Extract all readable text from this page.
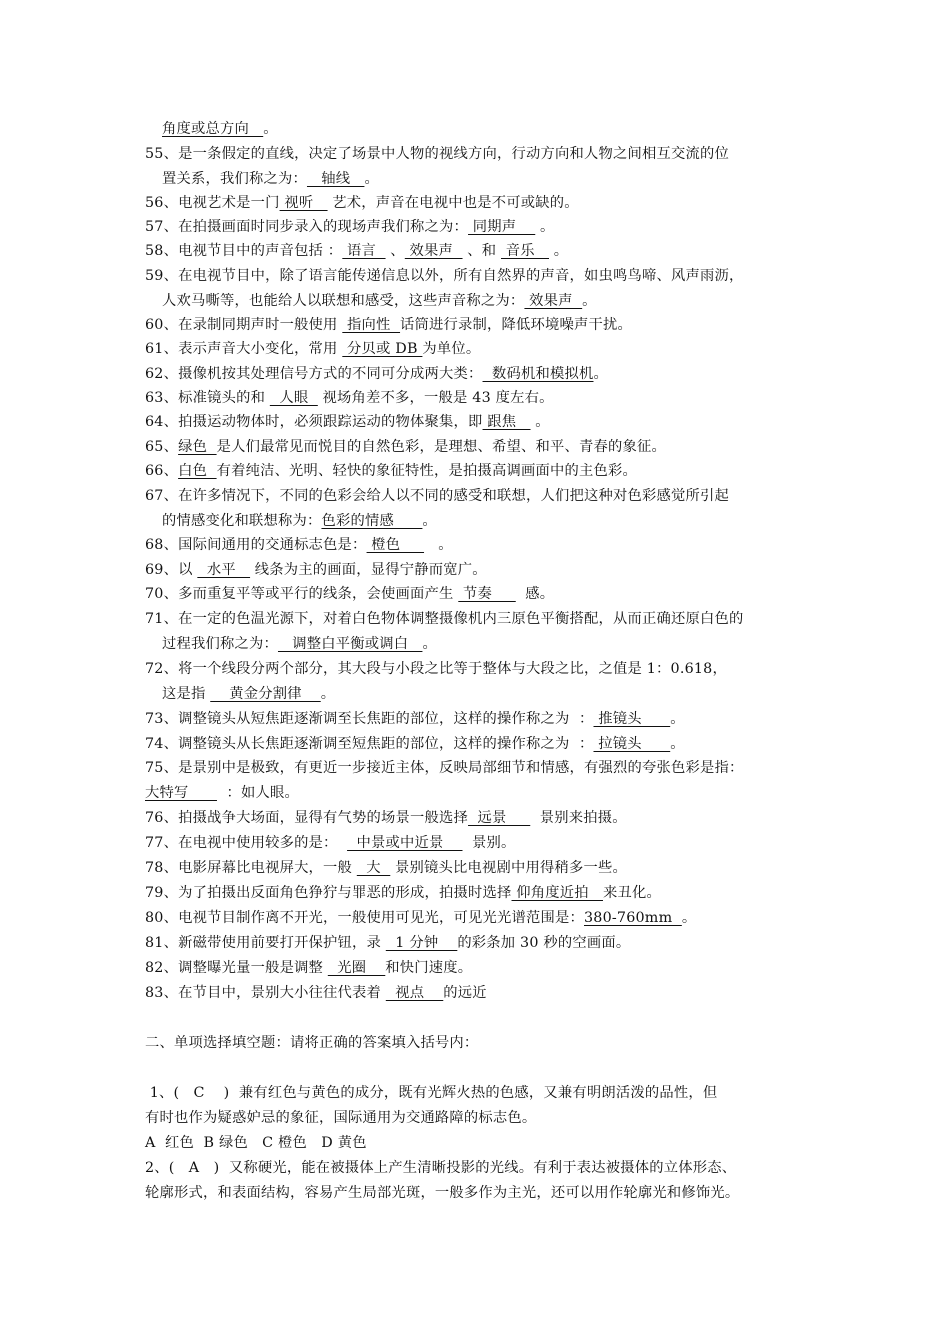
角度或总方向   。
55、是一条假定的直线，决定了场景中人物的视线方向，行动方向和人物之间相互交流的位
置关系，我们称之为：   轴线   。
56、电视艺术是一门 视听    艺术，声音在电视中也是不可或缺的。
57、在拍摄画面时同步录入的现场声我们称之为： 同期声     。
58、电视节目中的声音包括 ： 语言   、 效果声   、和  音乐    。
59、在电视节目中，除了语言能传递信息以外，所有自然界的声音，如虫鸣鸟啼、风声雨沥，
人欢马嘶等，也能给人以联想和感受，这些声音称之为： 效果声  。
60、在录制同期声时一般使用  指向性  话筒进行录制，降低环境噪声干扰。
61、表示声音大小变化，常用  分贝或 DB 为单位。
62、摄像机按其处理信号方式的不同可分成两大类：  数码机和模拟机。
63、标准镜头的和   人眼   视场角差不多，一般是 43 度左右。
64、拍摄运动物体时，必须跟踪运动的物体聚集，即 跟焦    。
65、绿色  是人们最常见而悦目的自然色彩，是理想、希望、和平、青春的象征。
66、白色  有着纯洁、光明、轻快的象征特性，是拍摄高调画面中的主色彩。
67、在许多情况下，不同的色彩会给人以不同的感受和联想，人们把这种对色彩感觉所引起
的情感变化和联想称为：色彩的情感      。
68、国际间通用的交通标志色是： 橙色        。
69、以   水平    线条为主的画面，显得宁静而宽广。
70、多而重复平等或平行的线条，会使画面产生  节奏       感。
71、在一定的色温光源下，对着白色物体调整摄像机内三原色平衡搭配，从而正确还原白色的
过程我们称之为：   调整白平衡或调白   。
72、将一个线段分两个部分，其大段与小段之比等于整体与大段之比，之值是 1：0.618，
这是指     黄金分割律    。
73、调整镜头从短焦距逐渐调至长焦距的部位，这样的操作称之为  ： 推镜头      。
74、调整镜头从长焦距逐渐调至短焦距的部位，这样的操作称之为  ： 拉镜头      。
75、是景别中是极致，有更近一步接近主体，反映局部细节和情感，有强烈的夸张色彩是指：
大特写        ：如人眼。
76、拍摄战争大场面，显得有气势的场景一般选择  远景       景别来拍摄。
77、在电视中使用较多的是：    中景或中近景      景别。
78、电影屏幕比电视屏大，一般   大   景别镜头比电视剧中用得稍多一些。
79、为了拍摄出反面角色狰狞与罪恶的形成，拍摄时选择 仰角度近拍   来丑化。
80、电视节目制作离不开光，一般使用可见光，可见光光谱范围是：380-760mm  。
81、新磁带使用前要打开保护钮，录   1 分钟    的彩条加 30 秒的空画面。
82、调整曝光量一般是调整   光圈    和快门速度。
83、在节目中，景别大小往往代表着   视点    的远近
二、单项选择填空题：请将正确的答案填入括号内：
1、(   C    )  兼有红色与黄色的成分，既有光辉火热的色感，又兼有明朗活泼的品性，但
有时也作为疑惑妒忌的象征，国际通用为交通路障的标志色。
A  红色  B 绿色   C 橙色   D 黄色
2、(   A   )  又称硬光，能在被摄体上产生清晰投影的光线。有利于表达被摄体的立体形态、
轮廓形式，和表面结构，容易产生局部光斑，一般多作为主光，还可以用作轮廓光和修饰光。
